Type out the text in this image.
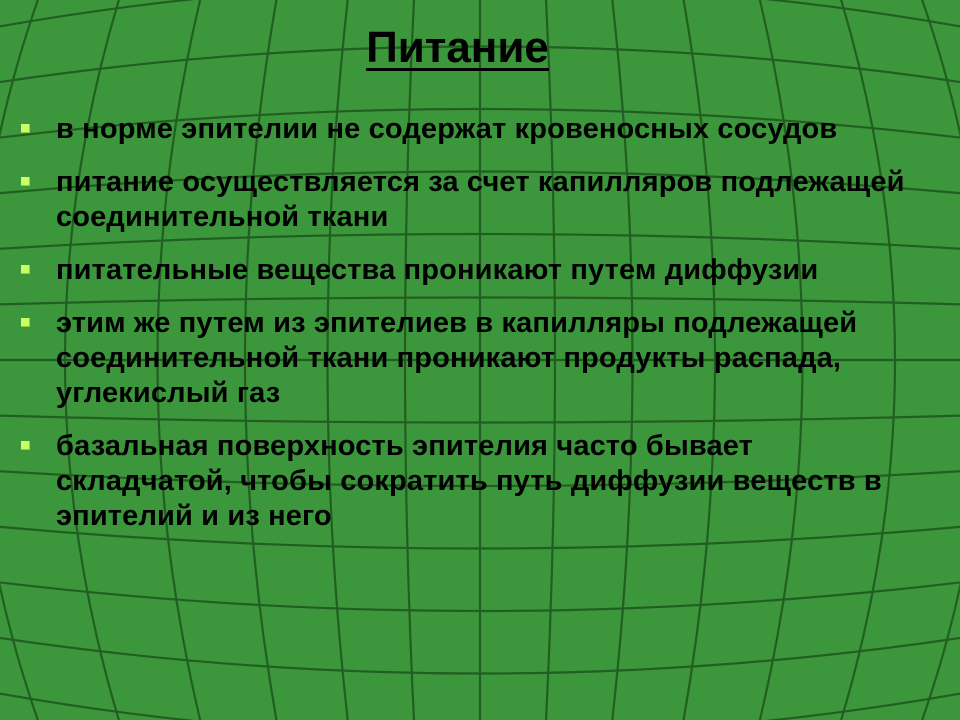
Питание
в норме эпителии не содержат кровеносных сосудов
питание осуществляется за счет капилляров подлежащей соединительной ткани
питательные вещества проникают путем диффузии
этим же путем из эпителиев в капилляры подлежащей соединительной ткани проникают продукты распада, углекислый газ
базальная поверхность эпителия часто бывает складчатой, чтобы сократить путь диффузии веществ в эпителий и из него
